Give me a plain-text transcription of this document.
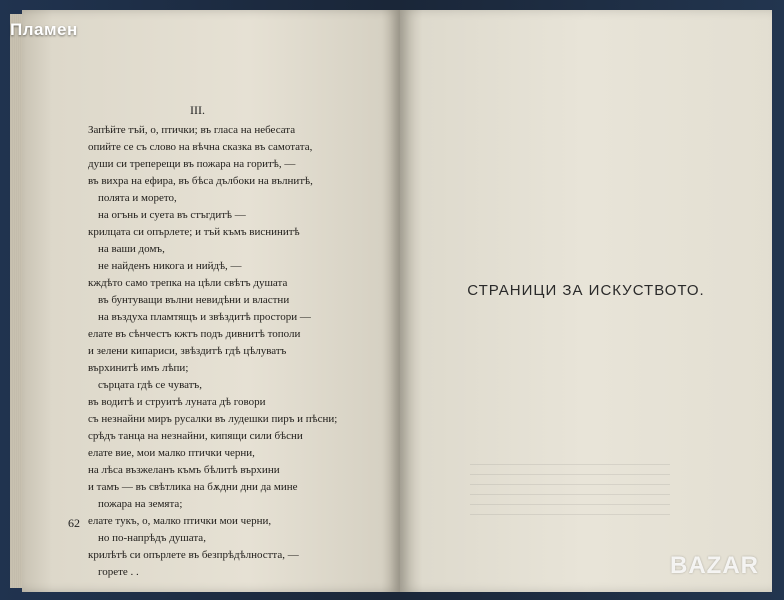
Пламен
III.
Запѣйте тъй, о, птички; въ гласа на небесата
опийте се съ слово на вѣчна сказка въ самотата,
души си треперещи въ пожара на горитѣ, —
въ вихра на ефира, въ бѣса дълбоки на вълнитѣ,
полята и морето,
на огънь и суета въ стъгдитѣ —
крилцата си опърлете; и тъй къмъ виснинитѣ
на ваши домъ,
не найденъ никога и нийдѣ, —
кждѣто само трепка на цѣли свѣтъ душата
въ бунтуващи вълни невидѣни и властни
на въздуха пламтящъ и звѣздитѣ простори —
елате въ сѣнчестъ кжтъ подъ дивнитѣ тополи
и зелени кипариси, звѣздитѣ гдѣ цѣлуватъ
върхинитѣ имъ лѣпи;
сърцата гдѣ се чуватъ,
въ водитѣ и струитѣ луната дѣ говори
съ незнайни миръ русалки въ лудешки пиръ и пѣсни;
срѣдъ танца на незнайни, кипящи сили бѣсни
елате вие, мои малко птички черни,
на лѣса възжеланъ къмъ бѣлитѣ върхини
и тамъ — въ свѣтлика на бѫдни дни да мине
пожара на земята;
елате тукъ, о, малко птички мои черни,
но по-напрѣдъ душата,
крилѣтѣ си опърлете въ безпрѣдѣлността, —
горете . .
62
СТРАНИЦИ ЗА ИСКУСТВОТО.
BAZAR
